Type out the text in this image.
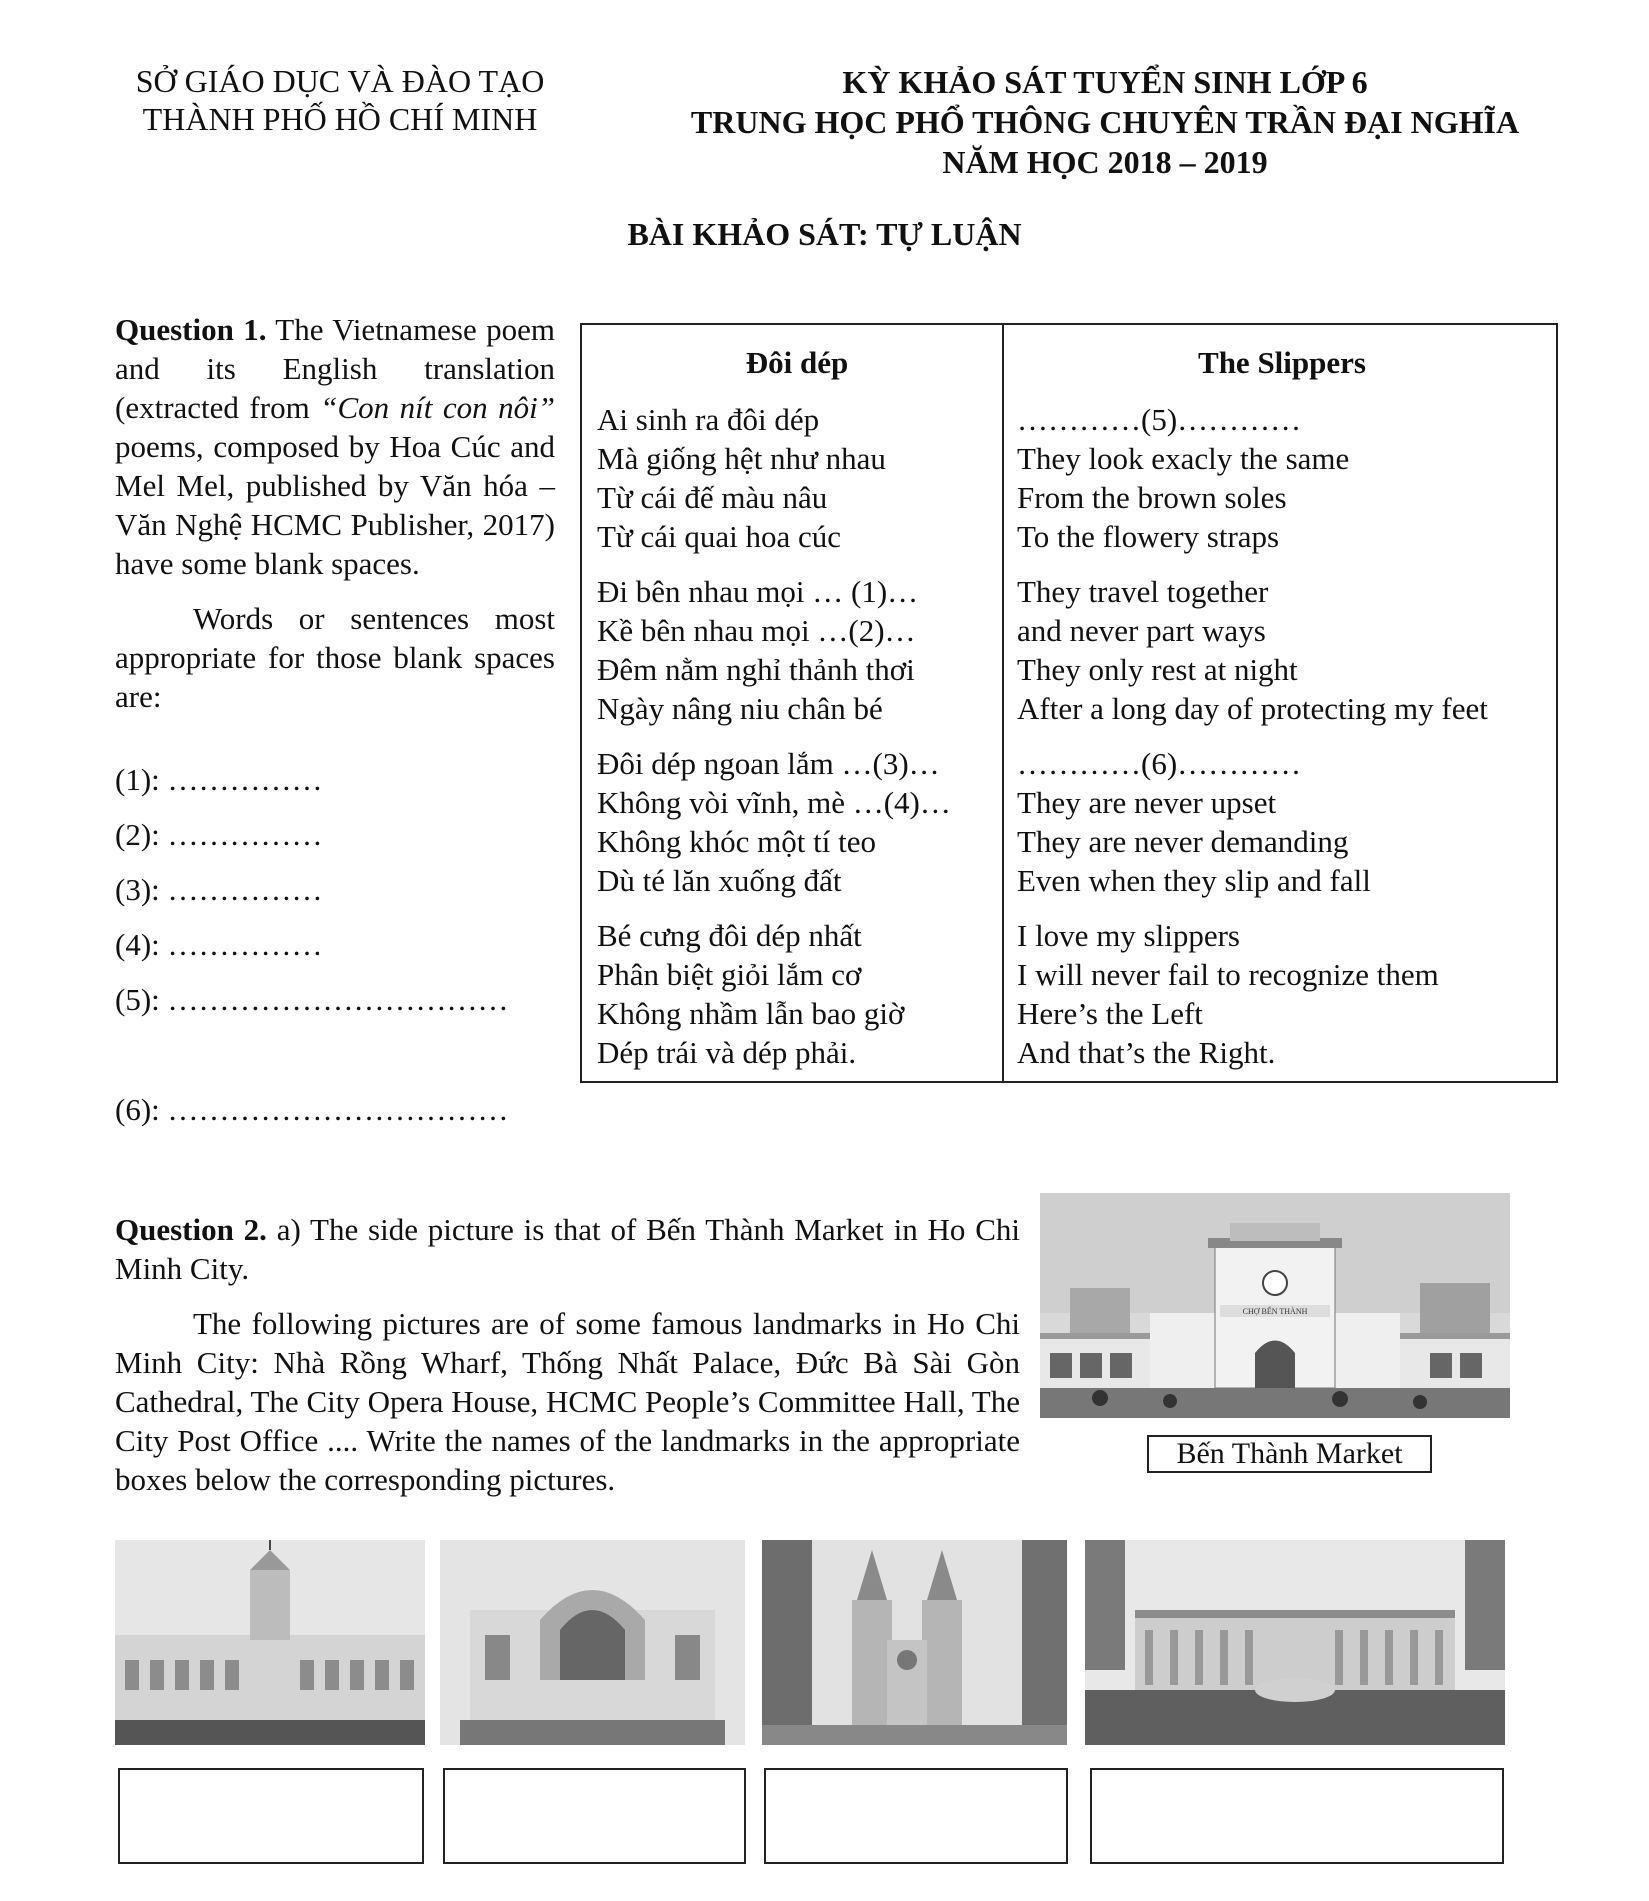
SỞ GIÁO DỤC VÀ ĐÀO TẠO
THÀNH PHỐ HỒ CHÍ MINH
KỲ KHẢO SÁT TUYỂN SINH LỚP 6
TRUNG HỌC PHỔ THÔNG CHUYÊN TRẦN ĐẠI NGHĨA
NĂM HỌC 2018 – 2019
BÀI KHẢO SÁT: TỰ LUẬN

Question 1. The Vietnamese poem and its English translation (extracted from “Con nít con nôi” poems, composed by Hoa Cúc and Mel Mel, published by Văn hóa – Văn Nghệ HCMC Publisher, 2017) have some blank spaces.

Words or sentences most appropriate for those blank spaces are:

(1): ……………
(2): ……………
(3): ……………
(4): ……………
(5): ……………………………
(6): ……………………………
Đôi dép
Ai sinh ra đôi dép
Mà giống hệt như nhau
Từ cái đế màu nâu
Từ cái quai hoa cúc
Đi bên nhau mọi … (1)…
Kề bên nhau mọi …(2)…
Đêm nằm nghỉ thảnh thơi
Ngày nâng niu chân bé
Đôi dép ngoan lắm …(3)…
Không vòi vĩnh, mè …(4)…
Không khóc một tí teo
Dù té lăn xuống đất
Bé cưng đôi dép nhất
Phân biệt giỏi lắm cơ
Không nhầm lẫn bao giờ
Dép trái và dép phải.
The Slippers
…………(5)…………
They look exacly the same
From the brown soles
To the flowery straps
They travel together
and never part ways
They only rest at night
After a long day of protecting my feet
…………(6)…………
They are never upset
They are never demanding
Even when they slip and fall
I love my slippers
I will never fail to recognize them
Here’s the Left
And that’s the Right.

Question 2. a) The side picture is that of Bến Thành Market in Ho Chi Minh City.

The following pictures are of some famous landmarks in Ho Chi Minh City: Nhà Rồng Wharf, Thống Nhất Palace, Đức Bà Sài Gòn Cathedral, The City Opera House, HCMC People’s Committee Hall, The City Post Office .... Write the names of the landmarks in the appropriate boxes below the corresponding pictures.

CHỢ BẾN THÀNH
Bến Thành Market
